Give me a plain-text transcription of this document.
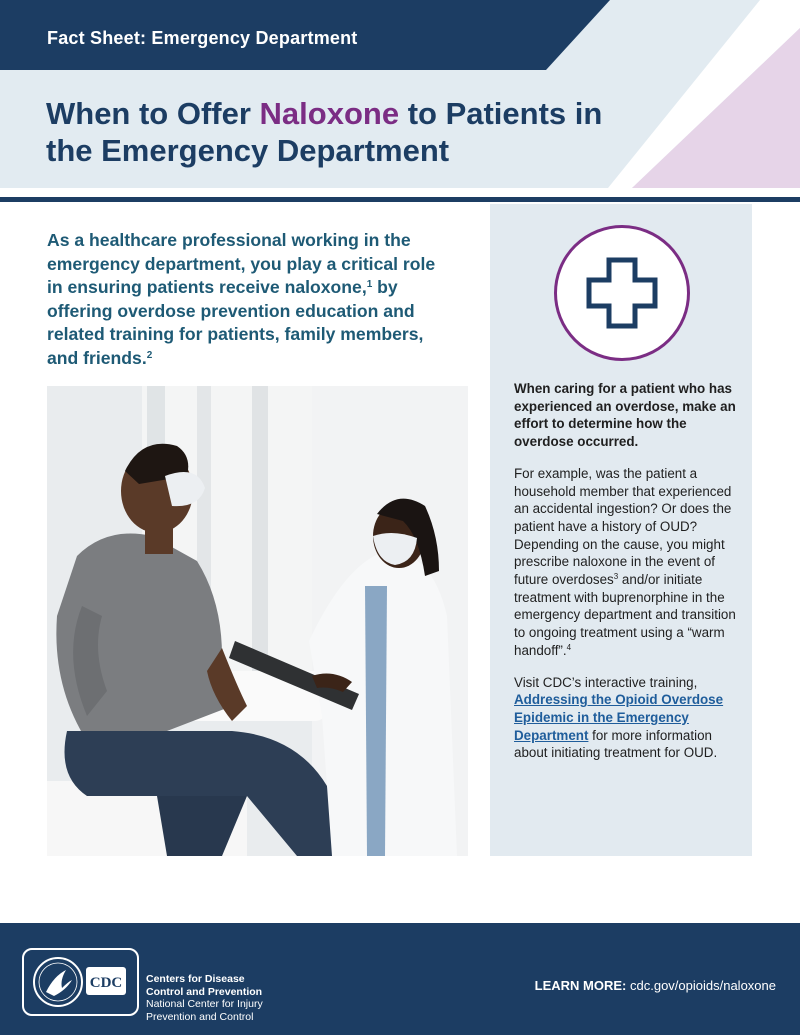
Fact Sheet: Emergency Department
When to Offer Naloxone to Patients in the Emergency Department

As a healthcare professional working in the emergency department, you play a critical role in ensuring patients receive naloxone,$^1$ by offering overdose prevention education and related training for patients, family members, and friends.$^2$

When caring for a patient who has experienced an overdose, make an effort to determine how the overdose occurred.

For example, was the patient a household member that experienced an accidental ingestion? Or does the patient have a history of OUD? Depending on the cause, you might prescribe naloxone in the event of future overdoses$^3$ and/or initiate treatment with buprenorphine in the emergency department and transition to ongoing treatment using a “warm handoff”.$^4$

Visit CDC’s interactive training, Addressing the Opioid Overdose Epidemic in the Emergency Department for more information about initiating treatment for OUD.

CDC Centers for Disease
Control and Prevention
National Center for Injury
Prevention and Control
LEARN MORE: cdc.gov/opioids/naloxone
